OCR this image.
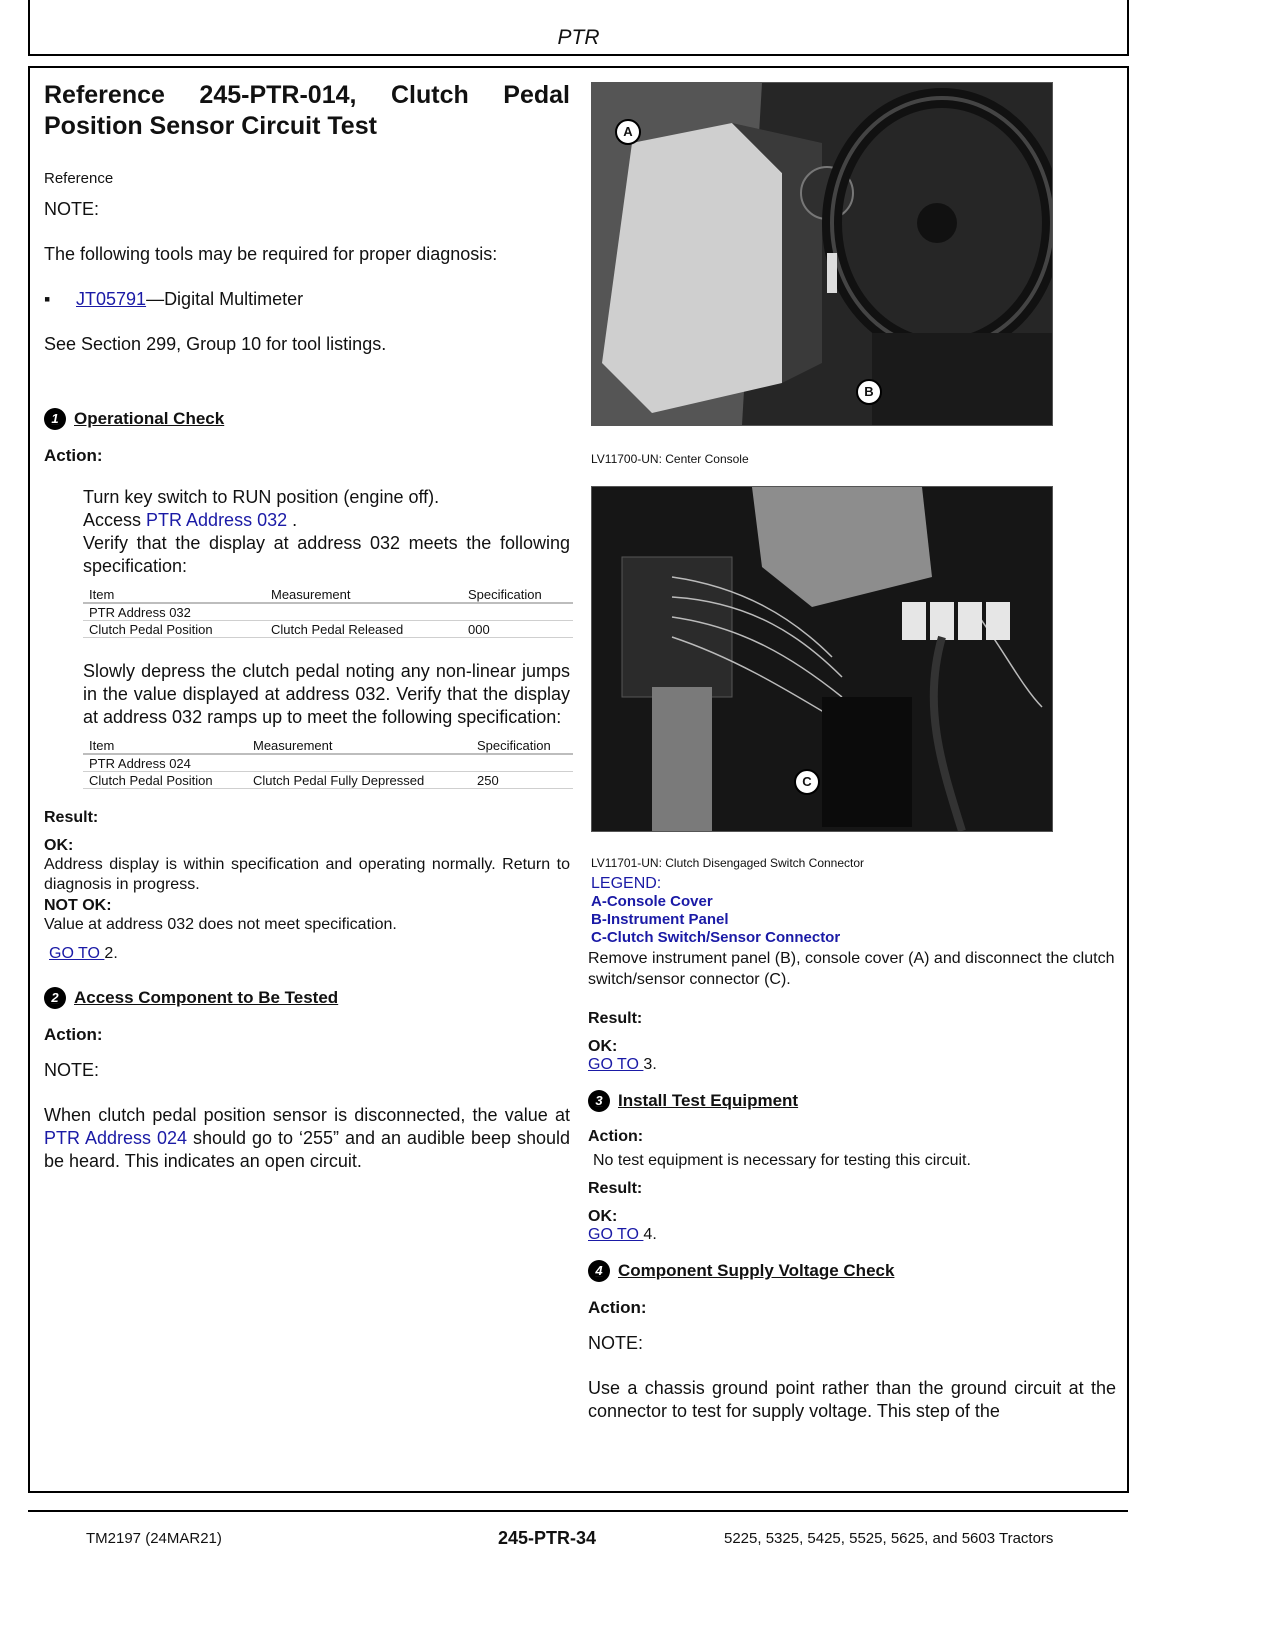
PTR
Reference 245-PTR-014, Clutch Pedal Position Sensor Circuit Test
Reference
NOTE:
The following tools may be required for proper diagnosis:
▪ JT05791—Digital Multimeter
See Section 299, Group 10 for tool listings.
1 Operational Check
Action:
Turn key switch to RUN position (engine off).
Access PTR Address 032 .
Verify that the display at address 032 meets the following specification:
Item	Measurement	Specification
PTR Address 032		
Clutch Pedal Position	Clutch Pedal Released	000
Slowly depress the clutch pedal noting any non-linear jumps in the value displayed at address 032. Verify that the display at address 032 ramps up to meet the following specification:
Item	Measurement	Specification
PTR Address 024		
Clutch Pedal Position	Clutch Pedal Fully Depressed	250
Result:
OK:
Address display is within specification and operating normally. Return to diagnosis in progress.
NOT OK:
Value at address 032 does not meet specification.
GO TO 2.
2 Access Component to Be Tested
Action:
NOTE:
When clutch pedal position sensor is disconnected, the value at PTR Address 024 should go to ‘255” and an audible beep should be heard. This indicates an open circuit.
A
B
LV11700-UN: Center Console
C
LV11701-UN: Clutch Disengaged Switch Connector
LEGEND:
A-Console Cover
B-Instrument Panel
C-Clutch Switch/Sensor Connector
Remove instrument panel (B), console cover (A) and disconnect the clutch switch/sensor connector (C).
Result:
OK:
GO TO 3.
3 Install Test Equipment
Action:
No test equipment is necessary for testing this circuit.
Result:
OK:
GO TO 4.
4 Component Supply Voltage Check
Action:
NOTE:
Use a chassis ground point rather than the ground circuit at the connector to test for supply voltage. This step of the
TM2197 (24MAR21)	245-PTR-34	5225, 5325, 5425, 5525, 5625, and 5603 Tractors
